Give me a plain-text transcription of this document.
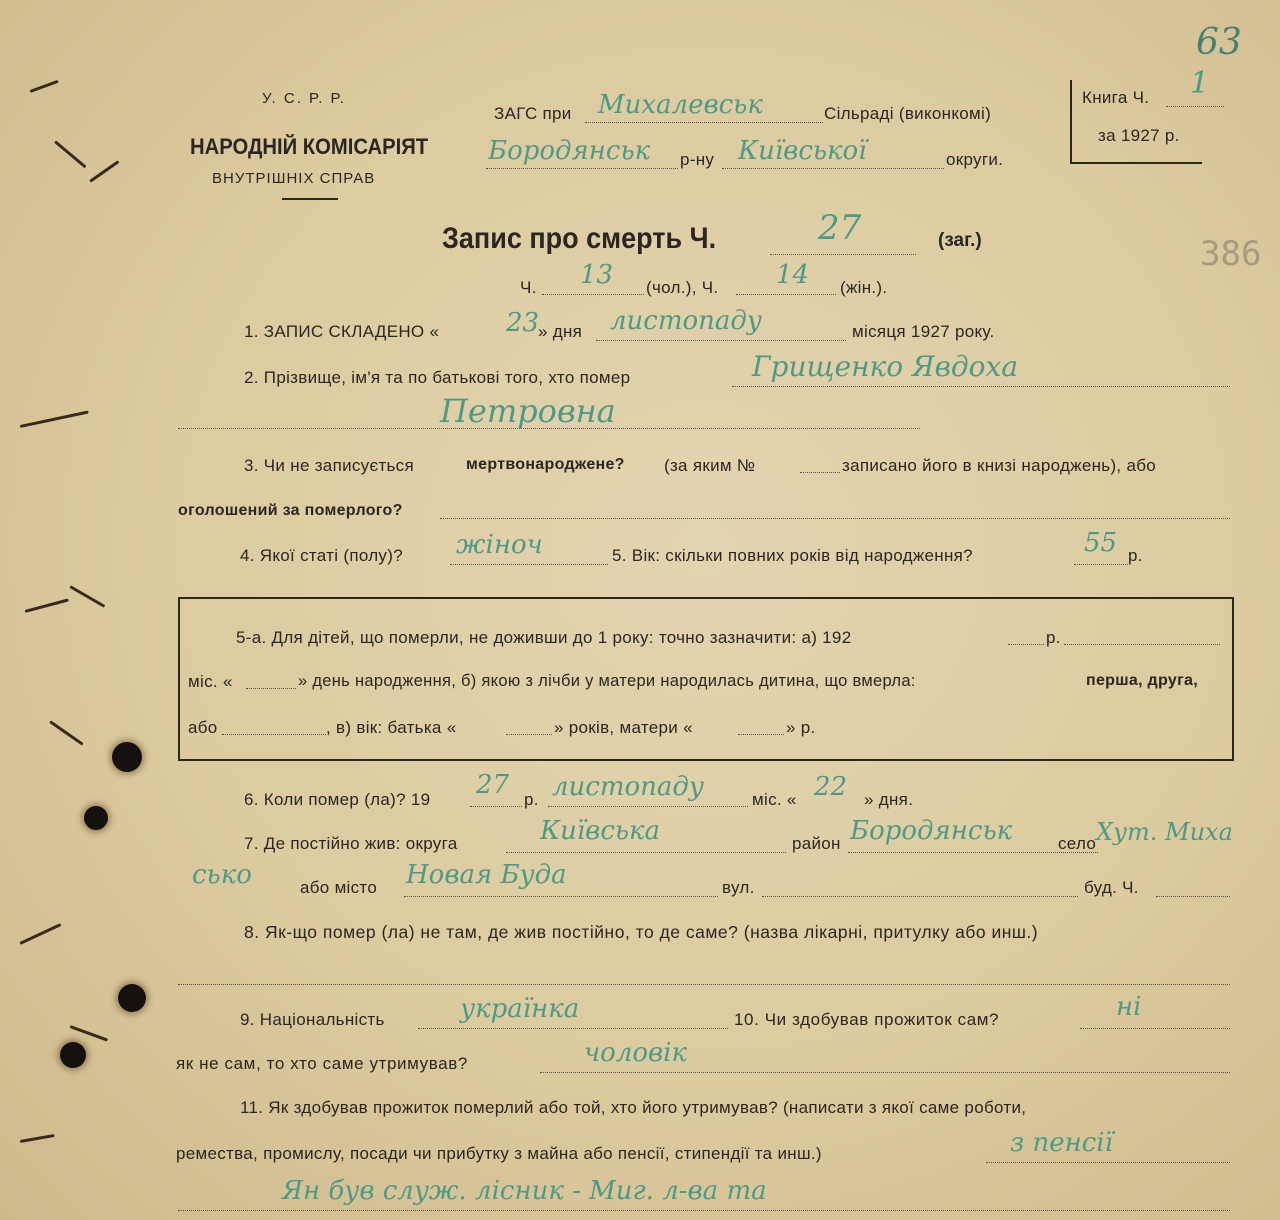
У. С. Р. Р.
НАРОДНІЙ КОМІСАРІЯТ
ВНУТРІШНІХ СПРАВ
ЗАГС при Михалевськ	Сільраді (виконкомі)
Бородянськ р-ну Київської	округи.
Книга Ч. 1
за 1927 р.
63
386
Запис про смерть Ч.	27	(заг.)
Ч. 13 (чол.), Ч. 14 (жін.).
1. ЗАПИС СКЛАДЕНО «	23
» дня листопаду	місяця 1927 року.
2. Прізвище, ім'я та по батькові того, хто помер	Грищенко Явдоха
Петровна
3. Чи не записується	мертвонароджене? (за яким №	записано його в книзі народжень), або
оголошений за померлого?
4. Якої статі (полу)? жіноч	5. Вік: скільки повних років від народження?	55 р.
5-а. Для дітей, що померли, не доживши до 1 року: точно зазначити: а) 192	р.
міс. «	» день народження, б) якою з лічби у матери народилась дитина, що вмерла:	перша, друга,
або	, в) вік: батька «	» років, матери «	» р.
6. Коли помер (ла)? 19 27 р. листопаду	міс. « 22 » дня.
7. Де постійно жив: округа	Київська	район Бородянськ	село Хут. Миха
сько	або місто Новая Буда	вул.	буд. Ч.
8. Як-що помер (ла) не там, де жив постійно, то де саме? (назва лікарні, притулку або инш.)
9. Національність	українка	10. Чи здобував прожиток сам?	ні
як не сам, то хто саме утримував?	чоловік
11. Як здобував прожиток померлий або той, хто його утримував? (написати з якої саме роботи,
ремества, промислу, посади чи прибутку з майна або пенсії, стипендії та инш.)	з пенсії
Ян був служ. лісник - Миг. л-ва та
